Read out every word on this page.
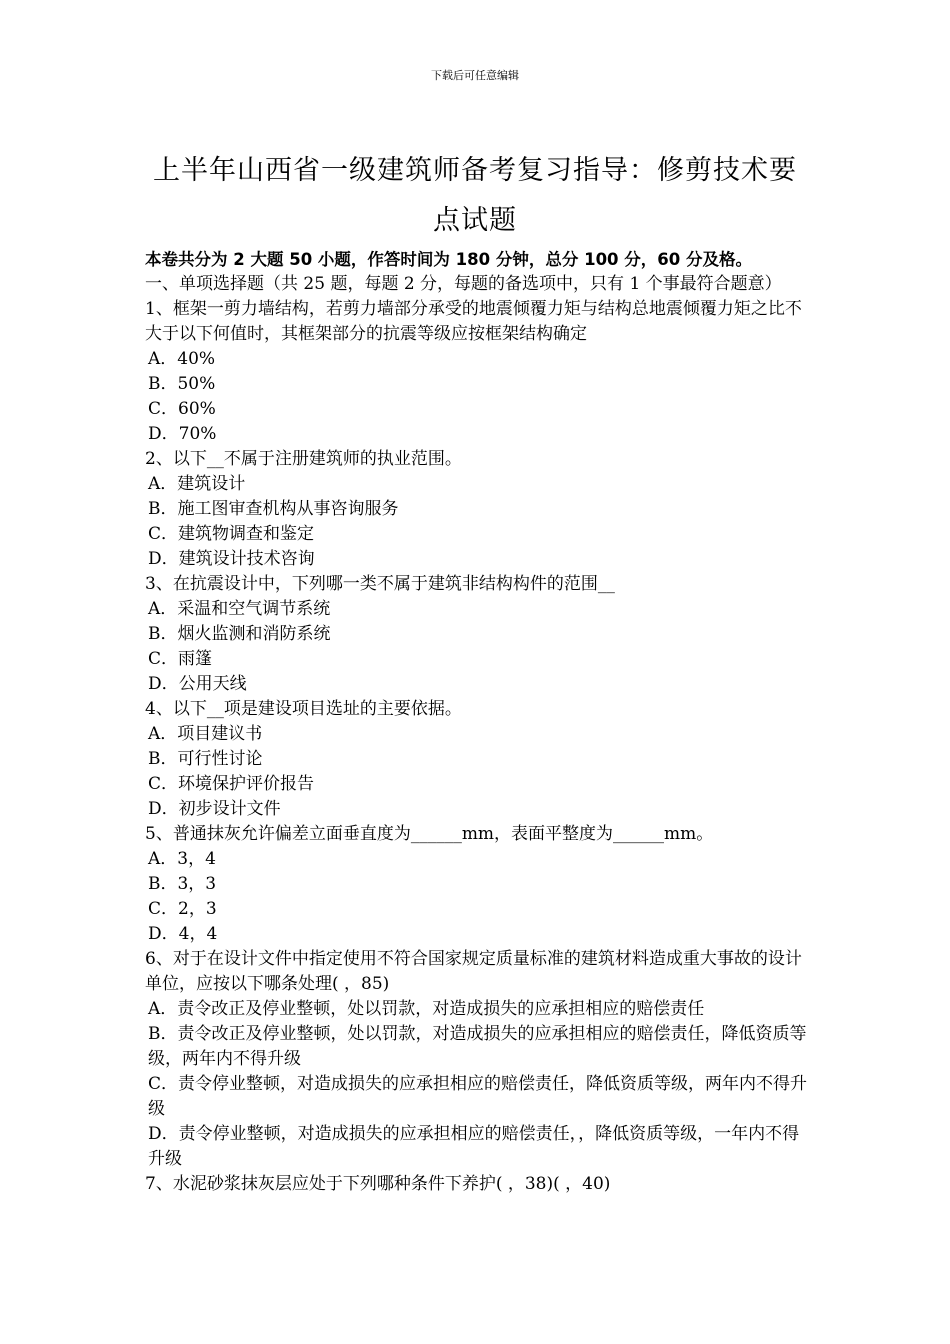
下载后可任意编辑
上半年山西省一级建筑师备考复习指导：修剪技术要点试题

本卷共分为 2 大题 50 小题，作答时间为 180 分钟，总分 100 分，60 分及格。

一、单项选择题（共 25 题，每题 2 分，每题的备选项中，只有 1 个事最符合题意）

1、框架一剪力墙结构，若剪力墙部分承受的地震倾覆力矩与结构总地震倾覆力矩之比不大于以下何值时，其框架部分的抗震等级应按框架结构确定

A．40%

B．50%

C．60%

D．70%

2、以下__不属于注册建筑师的执业范围。

A．建筑设计

B．施工图审查机构从事咨询服务

C．建筑物调查和鉴定

D．建筑设计技术咨询

3、在抗震设计中，下列哪一类不属于建筑非结构构件的范围__

A．采温和空气调节系统

B．烟火监测和消防系统

C．雨篷

D．公用天线

4、以下__项是建设项目选址的主要依据。

A．项目建议书

B．可行性讨论

C．环境保护评价报告

D．初步设计文件

5、普通抹灰允许偏差立面垂直度为______mm，表面平整度为______mm。

A．3，4

B．3，3

C．2，3

D．4，4

6、对于在设计文件中指定使用不符合国家规定质量标准的建筑材料造成重大事故的设计单位，应按以下哪条处理( ，85)

A．责令改正及停业整顿，处以罚款，对造成损失的应承担相应的赔偿责任

B．责令改正及停业整顿，处以罚款，对造成损失的应承担相应的赔偿责任，降低资质等级，两年内不得升级

C．责令停业整顿，对造成损失的应承担相应的赔偿责任，降低资质等级，两年内不得升级

D．责令停业整顿，对造成损失的应承担相应的赔偿责任，，降低资质等级，一年内不得升级

7、水泥砂浆抹灰层应处于下列哪种条件下养护( ，38)( ，40)
